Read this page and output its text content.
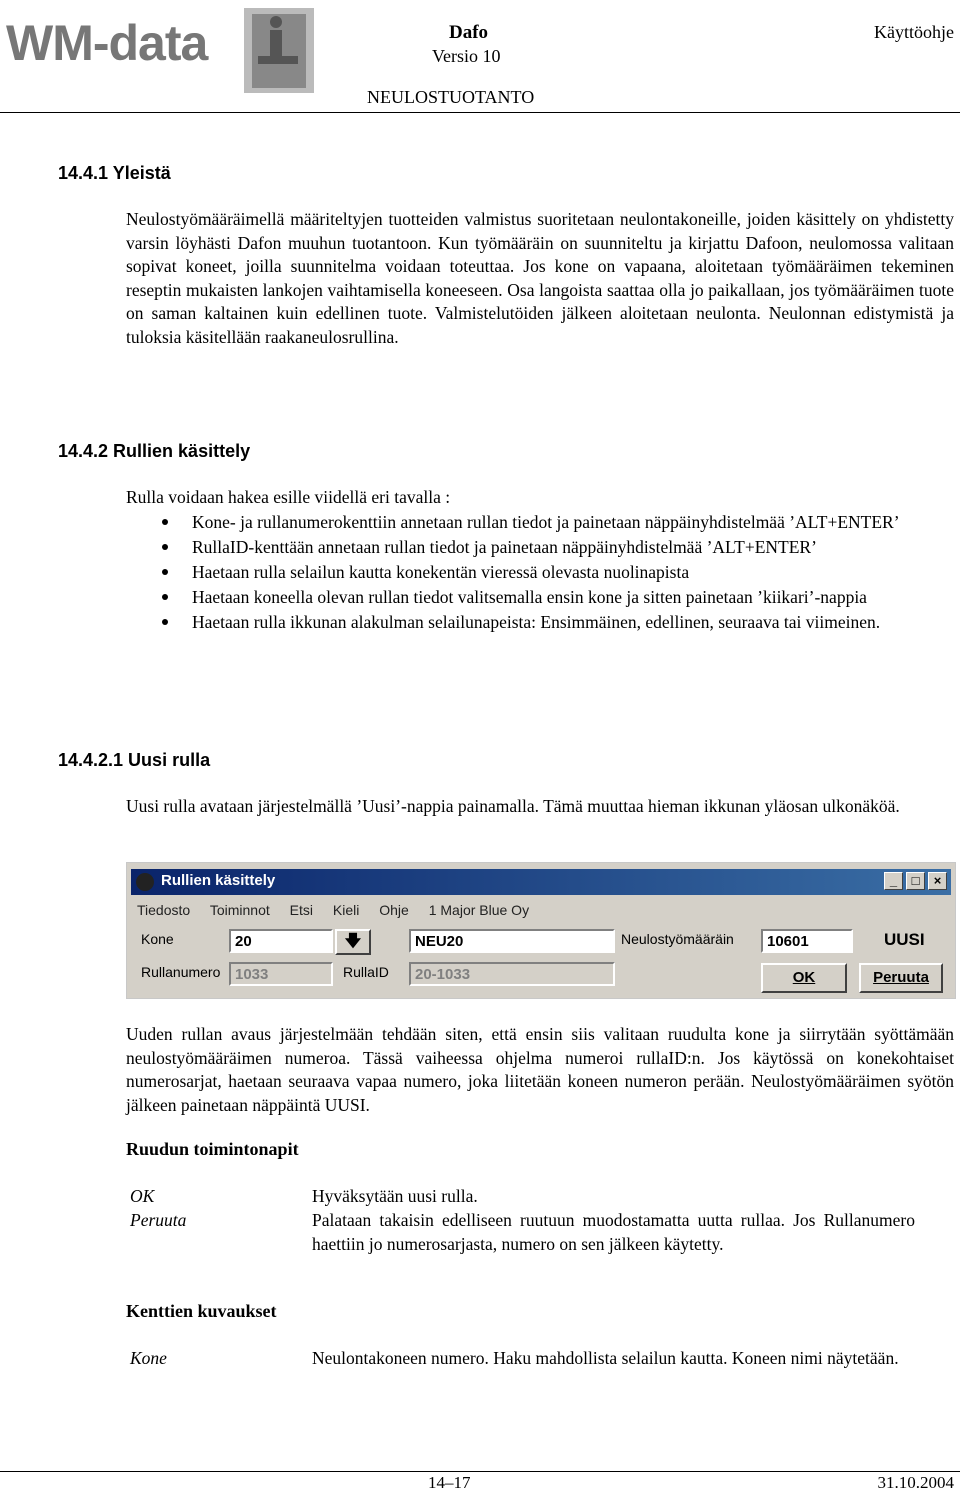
WM-data	Dafo
Versio 10
NEULOSTUOTANTO
Käyttöohje
14.4.1 Yleistä
Neulostyömääräimellä määriteltyjen tuotteiden valmistus suoritetaan neulontakoneille, joiden käsittely on yhdistetty varsin löyhästi Dafon muuhun tuotantoon. Kun työmääräin on suunniteltu ja kirjattu Dafoon, neulomossa valitaan sopivat koneet, joilla suunnitelma voidaan toteuttaa. Jos kone on vapaana, aloitetaan työmääräimen tekeminen reseptin mukaisten lankojen vaihtamisella koneeseen. Osa langoista saattaa olla jo paikallaan, jos työmääräimen tuote on saman kaltainen kuin edellinen tuote. Valmistelutöiden jälkeen aloitetaan neulonta. Neulonnan edistymistä ja tuloksia käsitellään raakaneulosrullina.
14.4.2 Rullien käsittely
Rulla voidaan hakea esille viidellä eri tavalla :
Kone- ja rullanumerokenttiin annetaan rullan tiedot ja painetaan näppäinyhdistelmää ’ALT+ENTER’
RullaID-kenttään annetaan rullan tiedot ja painetaan näppäinyhdistelmää ’ALT+ENTER’
Haetaan rulla selailun kautta konekentän vieressä olevasta nuolinapista
Haetaan koneella olevan rullan tiedot valitsemalla ensin kone ja sitten painetaan ’kiikari’-nappia
Haetaan rulla ikkunan alakulman selailunapeista: Ensimmäinen, edellinen, seuraava tai viimeinen.
14.4.2.1 Uusi rulla
Uusi rulla avataan järjestelmällä ’Uusi’-nappia painamalla. Tämä muuttaa hieman ikkunan yläosan ulkonäköä.
Rullien käsittely	_	□	×
Tiedosto Toiminnot Etsi Kieli Ohje 1 Major Blue Oy
Kone	20	🡇	NEU20	Neulostyömääräin	10601	UUSI
Rullanumero 1033	RullaID	20-1033	OK	Peruuta
Uuden rullan avaus järjestelmään tehdään siten, että ensin siis valitaan ruudulta kone ja siirrytään syöttämään neulostyömääräimen numeroa. Tässä vaiheessa ohjelma numeroi rullaID:n. Jos käytössä on konekohtaiset numerosarjat, haetaan seuraava vapaa numero, joka liitetään koneen numeron perään. Neulostyömääräimen syötön jälkeen painetaan näppäintä UUSI.
Ruudun toimintonapit
OK	Hyväksytään uusi rulla.
Peruuta	Palataan takaisin edelliseen ruutuun muodostamatta uutta rullaa. Jos Rullanumero haettiin jo numerosarjasta, numero on sen jälkeen käytetty.
Kenttien kuvaukset
Kone	Neulontakoneen numero. Haku mahdollista selailun kautta. Koneen nimi näytetään.
14–17	31.10.2004
